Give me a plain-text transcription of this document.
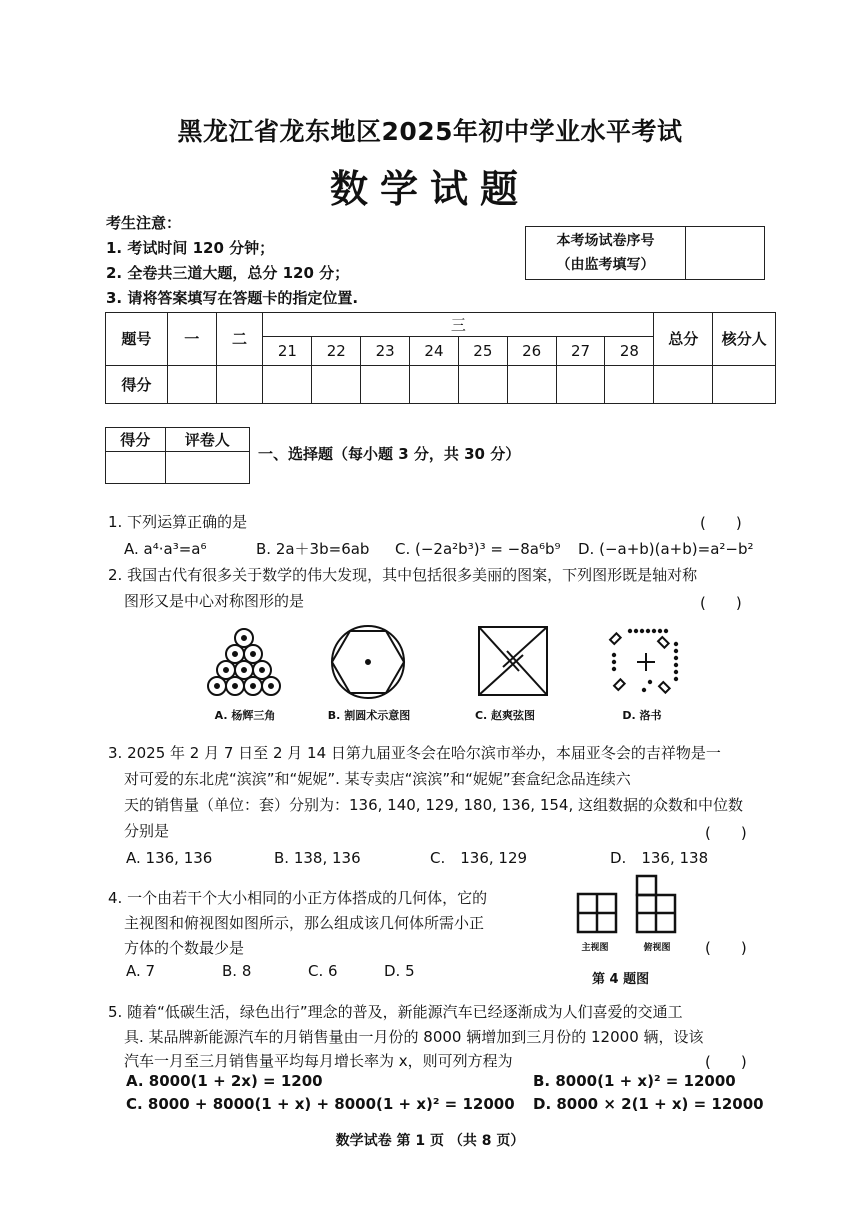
黑龙江省龙东地区2025年初中学业水平考试
数学试题
考生注意：
1. 考试时间 120 分钟；
2. 全卷共三道大题，总分 120 分；
3. 请将答案填写在答题卡的指定位置.
本考场试卷序号
（由监考填写）
题号	一	二	三								总分	核分人
			21	22	23	24	25	26	27	28		
得分												
得分	评卷人

一、选择题（每小题 3 分，共 30 分）
1. 下列运算正确的是	(　　)
A. a⁴·a³=a⁶	B. 2a＋3b=6ab C. (−2a²b³)³ = −8a⁶b⁹ D. (−a+b)(a+b)=a²−b²
2. 我国古代有很多关于数学的伟大发现，其中包括很多美丽的图案，下列图形既是轴对称
图形又是中心对称图形的是	(　　)
A. 杨辉三角	B. 割圆术示意图	C. 赵爽弦图	D. 洛书
3. 2025 年 2 月 7 日至 2 月 14 日第九届亚冬会在哈尔滨市举办，本届亚冬会的吉祥物是一
对可爱的东北虎“滨滨”和“妮妮”. 某专卖店“滨滨”和“妮妮”套盒纪念品连续六
天的销售量（单位：套）分别为：136, 140, 129, 180, 136, 154, 这组数据的众数和中位数
分别是	(　　)
A. 136, 136	B. 138, 136	C.　136, 129	D.　136, 138
4. 一个由若干个大小相同的小正方体搭成的几何体，它的
主视图和俯视图如图所示，那么组成该几何体所需小正
方体的个数最少是
A. 7	B. 8	C. 6	D. 5
主视图	俯视图	(　　)
第 4 题图
5. 随着“低碳生活，绿色出行”理念的普及，新能源汽车已经逐渐成为人们喜爱的交通工
具. 某品牌新能源汽车的月销售量由一月份的 8000 辆增加到三月份的 12000 辆，设该
汽车一月至三月销售量平均每月增长率为 x，则可列方程为	(　　)
A. 8000(1 + 2x) = 1200	B. 8000(1 + x)² = 12000
C. 8000 + 8000(1 + x) + 8000(1 + x)² = 12000 D. 8000 × 2(1 + x) = 12000
数学试卷 第 1 页 （共 8 页）
